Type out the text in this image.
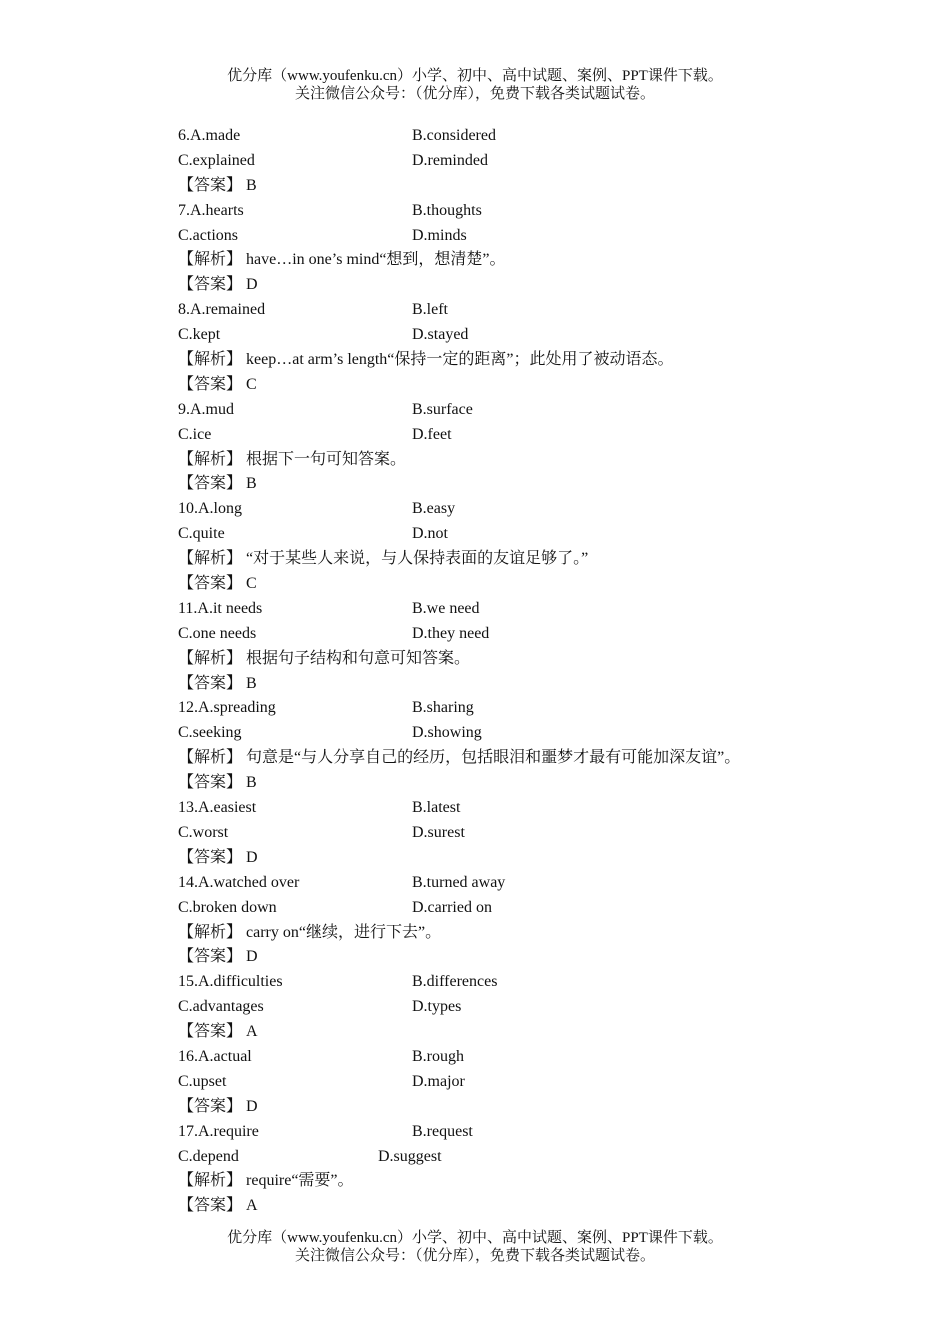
优分库（www.youfenku.cn）小学、初中、高中试题、案例、PPT课件下载。
关注微信公众号：（优分库），免费下载各类试题试卷。
6.A.made	B.considered
C.explained	D.reminded
【答案】 B
7.A.hearts	B.thoughts
C.actions	D.minds
【解析】 have…in one’s mind“想到，想清楚”。
【答案】 D
8.A.remained	B.left
C.kept	D.stayed
【解析】 keep…at arm’s length“保持一定的距离”；此处用了被动语态。
【答案】 C
9.A.mud	B.surface
C.ice	D.feet
【解析】 根据下一句可知答案。
【答案】 B
10.A.long	B.easy
C.quite	D.not
【解析】 “对于某些人来说，与人保持表面的友谊足够了。”
【答案】 C
11.A.it needs	B.we need
C.one needs	D.they need
【解析】 根据句子结构和句意可知答案。
【答案】 B
12.A.spreading	B.sharing
C.seeking	D.showing
【解析】 句意是“与人分享自己的经历，包括眼泪和噩梦才最有可能加深友谊”。
【答案】 B
13.A.easiest	B.latest
C.worst	D.surest
【答案】 D
14.A.watched over	B.turned away
C.broken down	D.carried on
【解析】 carry on“继续，进行下去”。
【答案】 D
15.A.difficulties	B.differences
C.advantages	D.types
【答案】 A
16.A.actual	B.rough
C.upset	D.major
【答案】 D
17.A.require	B.request
C.depend	D.suggest
【解析】 require“需要”。
【答案】 A
优分库（www.youfenku.cn）小学、初中、高中试题、案例、PPT课件下载。
关注微信公众号：（优分库），免费下载各类试题试卷。
